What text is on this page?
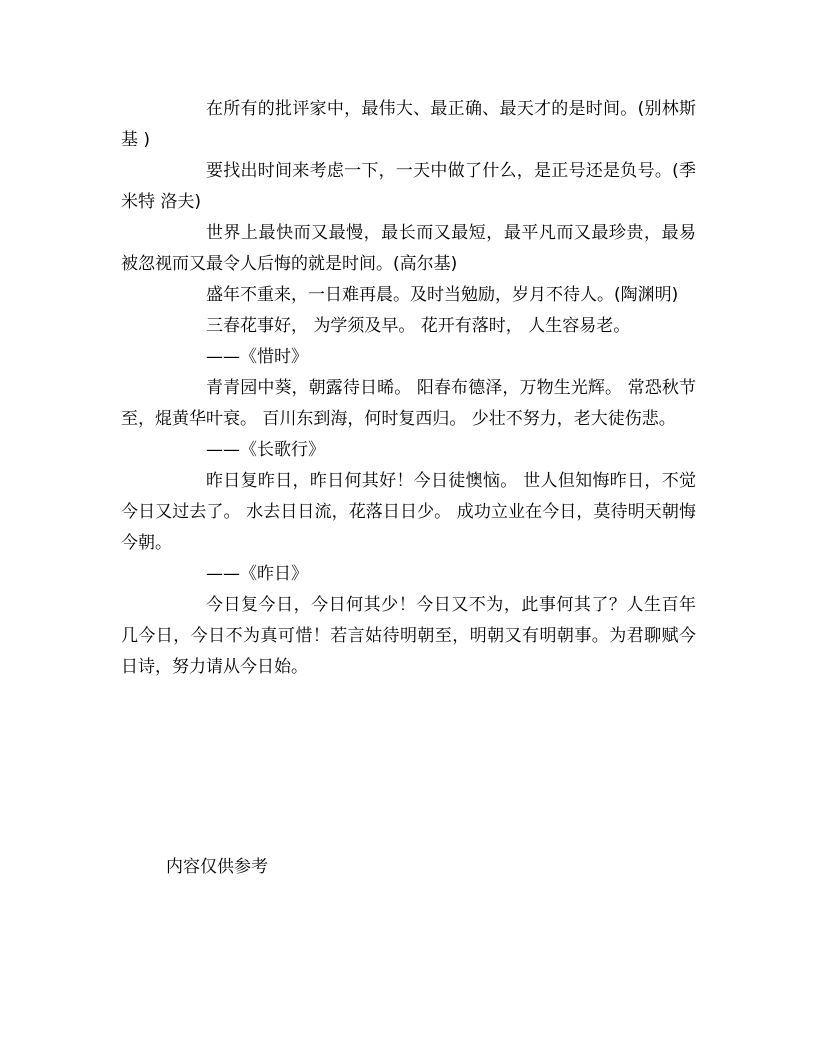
在所有的批评家中，最伟大、最正确、最天才的是时间。(别林斯基 )

要找出时间来考虑一下，一天中做了什么，是正号还是负号。(季 米特 洛夫)

世界上最快而又最慢，最长而又最短，最平凡而又最珍贵，最易被忽视而又最令人后悔的就是时间。(高尔基)

盛年不重来，一日难再晨。及时当勉励，岁月不待人。(陶渊明)

三春花事好， 为学须及早。 花开有落时， 人生容易老。

——《惜时》

青青园中葵，朝露待日晞。 阳春布德泽，万物生光辉。 常恐秋节至，焜黄华叶衰。 百川东到海，何时复西归。 少壮不努力，老大徒伤悲。

——《长歌行》

昨日复昨日，昨日何其好！今日徒懊恼。 世人但知悔昨日，不觉今日又过去了。 水去日日流，花落日日少。 成功立业在今日，莫待明天朝悔今朝。

——《昨日》

今日复今日，今日何其少！今日又不为，此事何其了？人生百年几今日，今日不为真可惜！若言姑待明朝至，明朝又有明朝事。为君聊赋今日诗，努力请从今日始。

内容仅供参考
